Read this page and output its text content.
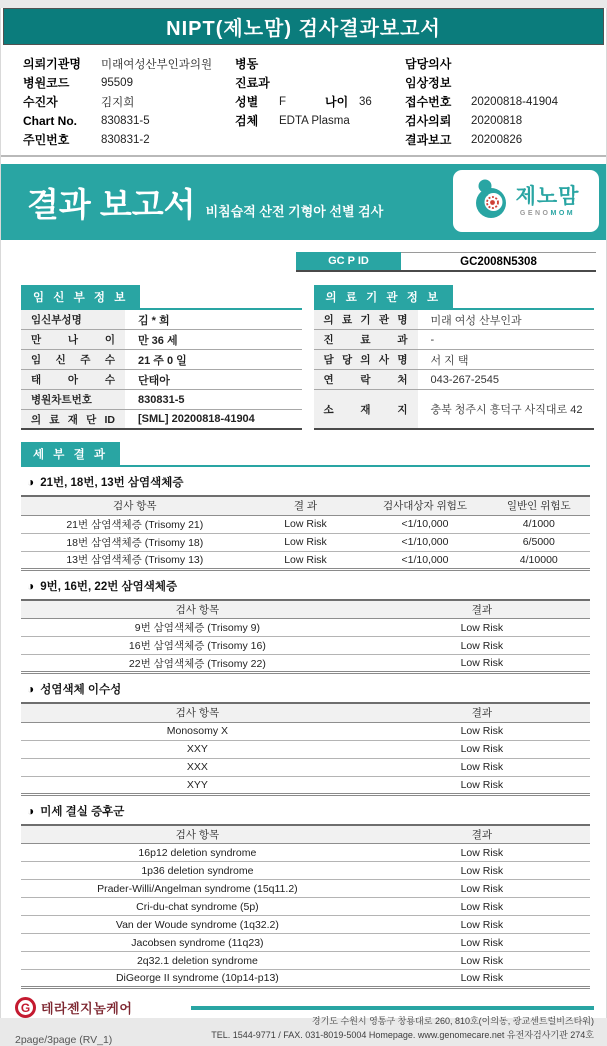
NIPT(제노맘) 검사결과보고서
의뢰기관명	미래여성산부인과의원
병원코드	95509
수진자	김지희
Chart No.	830831-5
주민번호	830831-2
병동
진료과
성별	F	나이 36
검체	EDTA Plasma
담당의사
임상정보
접수번호	20200818-41904
검사의뢰	20200818
결과보고	20200826
결과 보고서 비침습적 산전 기형아 선별 검사
제노맘
GENOMOM
GC P ID	GC2008N5308
임 신 부 정 보
임신부성명	김 * 희
만 나 이	만 36 세
임 신 주 수	21 주 0 일
태 아 수	단태아
병원차트번호	830831-5
의 료 재 단 ID	[SML] 20200818-41904
의 료 기 관 정 보
의 료 기 관 명	미래 여성 산부인과
진 료 과	-
담 당 의 사 명	서 지 택
연 락 처	043-267-2545
소 재 지	충북 청주시 흥덕구 사직대로 42
세 부 결 과
◑ 21번, 18번, 13번 삼염색체증
검사 항목	결 과	검사대상자 위험도	일반인 위험도
21번 삼염색체증 (Trisomy 21)	Low Risk	<1/10,000	4/1000
18번 삼염색체증 (Trisomy 18)	Low Risk	<1/10,000	6/5000
13번 삼염색체증 (Trisomy 13)	Low Risk	<1/10,000	4/10000
◑ 9번, 16번, 22번 삼염색체증
검사 항목	결과
9번 삼염색체증 (Trisomy 9)	Low Risk
16번 삼염색체증 (Trisomy 16)	Low Risk
22번 삼염색체증 (Trisomy 22)	Low Risk
◑ 성염색체 이수성
검사 항목	결과
Monosomy X	Low Risk
XXY	Low Risk
XXX	Low Risk
XYY	Low Risk
◑ 미세 결실 증후군
검사 항목	결과
16p12 deletion syndrome	Low Risk
1p36 deletion syndrome	Low Risk
Prader-Willi/Angelman syndrome (15q11.2)	Low Risk
Cri-du-chat syndrome (5p)	Low Risk
Van der Woude syndrome (1q32.2)	Low Risk
Jacobsen syndrome (11q23)	Low Risk
2q32.1 deletion syndrome	Low Risk
DiGeorge II syndrome (10p14-p13)	Low Risk
G 테라젠지놈케어
2page/3page (RV_1)
경기도 수원시 영통구 창룡대로 260, 810호(이의동, 광교센트럴비즈타워)
TEL. 1544-9771 / FAX. 031-8019-5004 Homepage. www.genomecare.net 유전자검사기관 274호
